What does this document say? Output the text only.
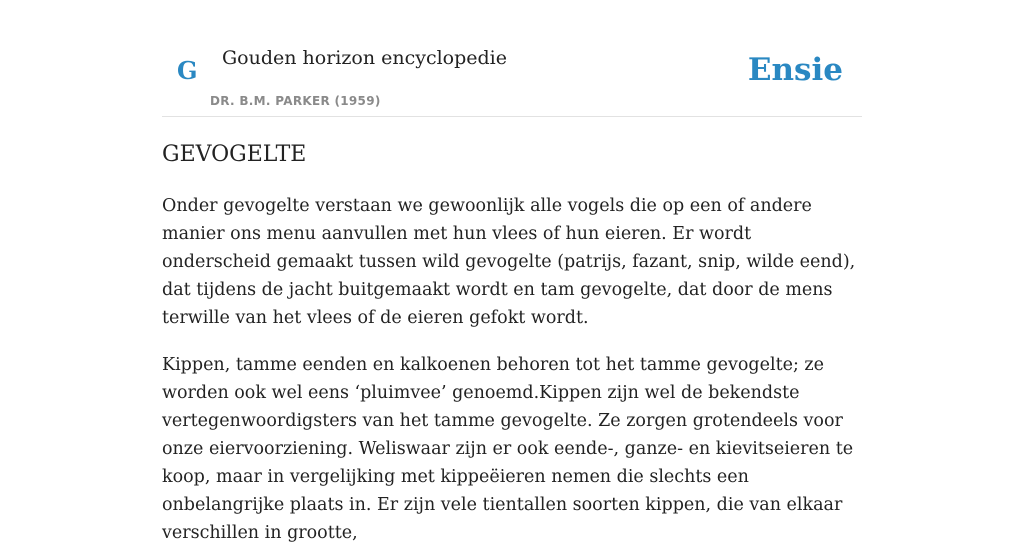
G Gouden horizon encyclopedie
DR. B.M. PARKER (1959)
Ensie
GEVOGELTE

Onder gevogelte verstaan we gewoonlijk alle vogels die op een of andere manier ons menu aanvullen met hun vlees of hun eieren. Er wordt onderscheid gemaakt tussen wild gevogelte (patrijs, fazant, snip, wilde eend), dat tijdens de jacht buitgemaakt wordt en tam gevogelte, dat door de mens terwille van het vlees of de eieren gefokt wordt.

Kippen, tamme eenden en kalkoenen behoren tot het tamme gevogelte; ze worden ook wel eens ‘pluimvee’ genoemd.Kippen zijn wel de bekendste vertegenwoordigsters van het tamme gevogelte. Ze zorgen grotendeels voor onze eiervoorziening. Weliswaar zijn er ook eende-, ganze- en kievitseieren te koop, maar in vergelijking met kippeëieren nemen die slechts een onbelangrijke plaats in. Er zijn vele tientallen soorten kippen, die van elkaar verschillen in grootte,
